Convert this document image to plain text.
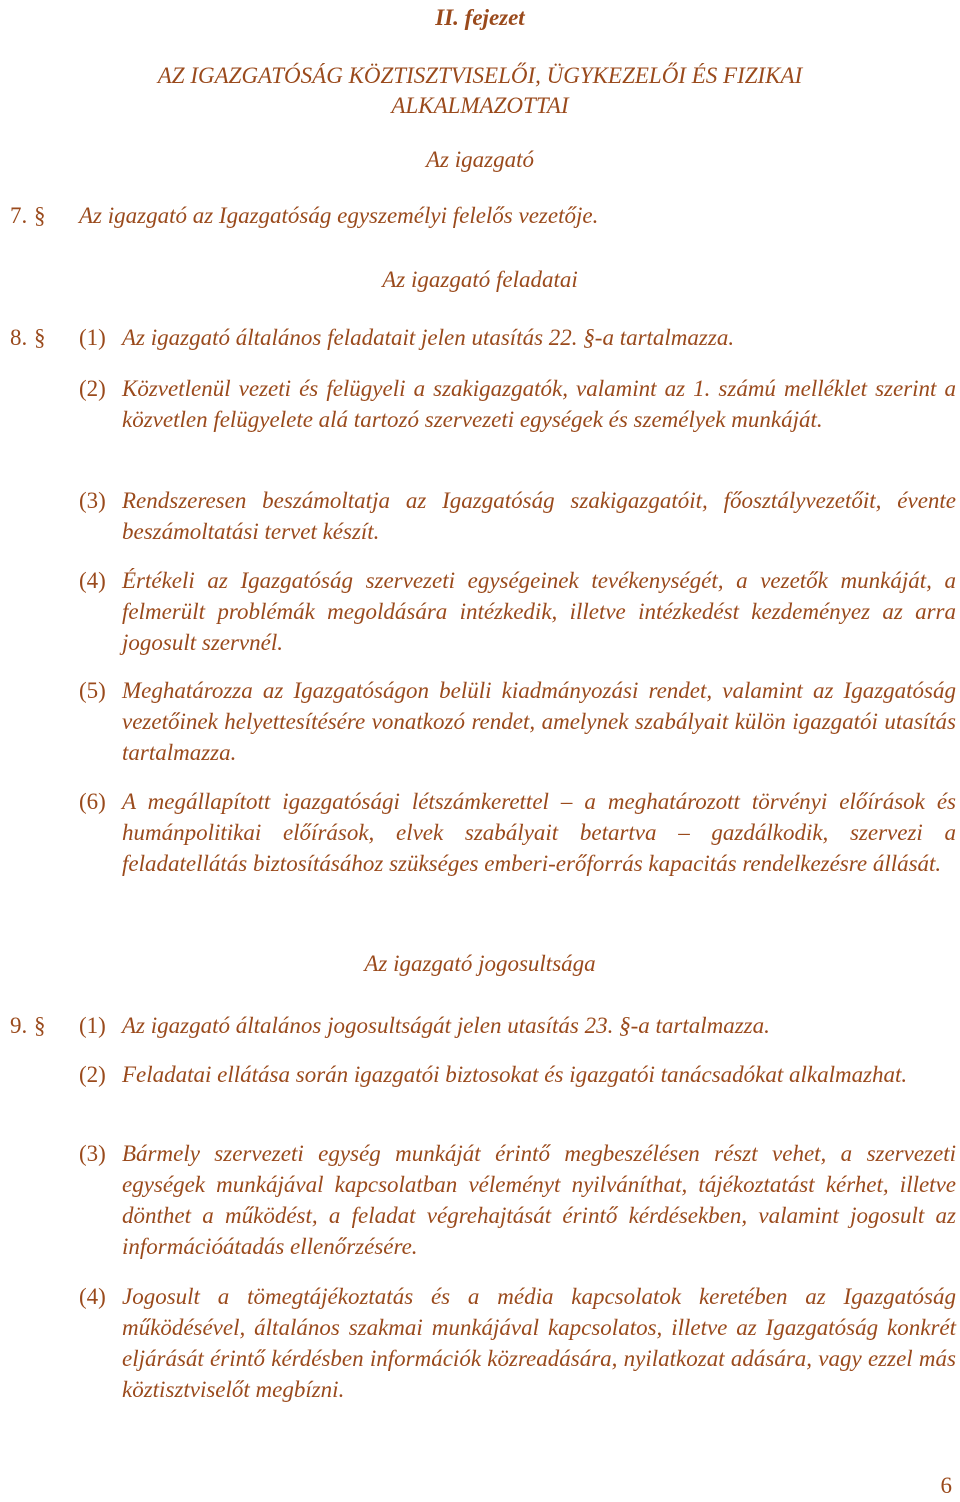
II. fejezet
AZ IGAZGATÓSÁG KÖZTISZTVISELŐI, ÜGYKEZELŐI ÉS FIZIKAI
ALKALMAZOTTAI
Az igazgató
7. §	Az igazgató az Igazgatóság egyszemélyi felelős vezetője.
Az igazgató feladatai
8. §	(1) Az igazgató általános feladatait jelen utasítás 22. §-a tartalmazza.
(2) Közvetlenül vezeti és felügyeli a szakigazgatók, valamint az 1. számú melléklet szerint a közvetlen felügyelete alá tartozó szervezeti egységek és személyek munkáját.
(3) Rendszeresen beszámoltatja az Igazgatóság szakigazgatóit, főosztályvezetőit, évente beszámoltatási tervet készít.
(4) Értékeli az Igazgatóság szervezeti egységeinek tevékenységét, a vezetők munkáját, a felmerült problémák megoldására intézkedik, illetve intézkedést kezdeményez az arra jogosult szervnél.
(5) Meghatározza az Igazgatóságon belüli kiadmányozási rendet, valamint az Igazgatóság vezetőinek helyettesítésére vonatkozó rendet, amelynek szabályait külön igazgatói utasítás tartalmazza.
(6) A megállapított igazgatósági létszámkerettel – a meghatározott törvényi előírások és humánpolitikai előírások, elvek szabályait betartva – gazdálkodik, szervezi a feladatellátás biztosításához szükséges emberi-erőforrás kapacitás rendelkezésre állását.
Az igazgató jogosultsága
9. §	(1) Az igazgató általános jogosultságát jelen utasítás 23. §-a tartalmazza.
(2) Feladatai ellátása során igazgatói biztosokat és igazgatói tanácsadókat alkalmazhat.
(3) Bármely szervezeti egység munkáját érintő megbeszélésen részt vehet, a szervezeti egységek munkájával kapcsolatban véleményt nyilváníthat, tájékoztatást kérhet, illetve dönthet a működést, a feladat végrehajtását érintő kérdésekben, valamint jogosult az információátadás ellenőrzésére.
(4) Jogosult a tömegtájékoztatás és a média kapcsolatok keretében az Igazgatóság működésével, általános szakmai munkájával kapcsolatos, illetve az Igazgatóság konkrét eljárását érintő kérdésben információk közreadására, nyilatkozat adására, vagy ezzel más köztisztviselőt megbízni.
6
